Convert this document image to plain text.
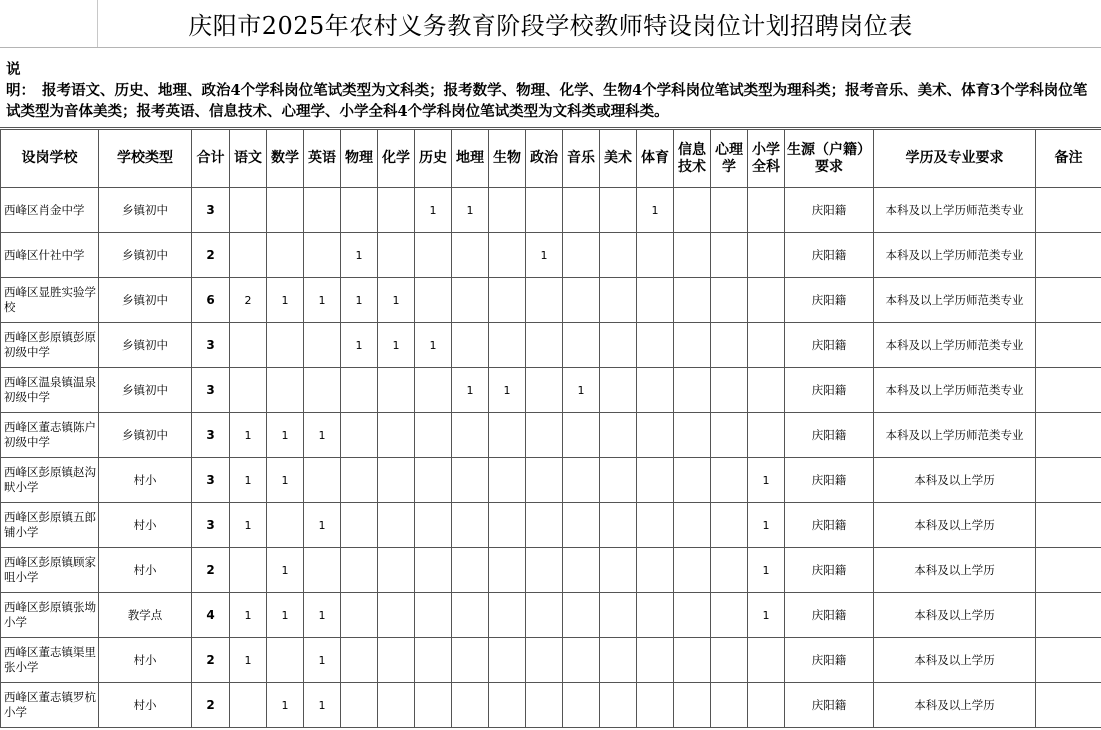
庆阳市2025年农村义务教育阶段学校教师特设岗位计划招聘岗位表
说明： 报考语文、历史、地理、政治4个学科岗位笔试类型为文科类；报考数学、物理、化学、生物4个学科岗位笔试类型为理科类；报考音乐、美术、体育3个学科岗位笔试类型为音体美类；报考英语、信息技术、心理学、小学全科4个学科岗位笔试类型为文科类或理科类。
设岗学校	学校类型	合计	语文	数学	英语	物理	化学	历史	地理	生物	政治	音乐	美术	体育	信息技术	心理学	小学全科	生源（户籍）要求	学历及专业要求	备注
西峰区肖金中学	乡镇初中	3						1	1					1				庆阳籍	本科及以上学历师范类专业	
西峰区什社中学	乡镇初中	2				1					1							庆阳籍	本科及以上学历师范类专业	
西峰区显胜实验学校	乡镇初中	6	2	1	1	1	1											庆阳籍	本科及以上学历师范类专业	
西峰区彭原镇彭原初级中学	乡镇初中	3				1	1	1										庆阳籍	本科及以上学历师范类专业	
西峰区温泉镇温泉初级中学	乡镇初中	3							1	1		1						庆阳籍	本科及以上学历师范类专业	
西峰区董志镇陈户初级中学	乡镇初中	3	1	1	1													庆阳籍	本科及以上学历师范类专业	
西峰区彭原镇赵沟畎小学	村小	3	1	1													1	庆阳籍	本科及以上学历	
西峰区彭原镇五郎铺小学	村小	3	1		1												1	庆阳籍	本科及以上学历	
西峰区彭原镇顾家咀小学	村小	2		1													1	庆阳籍	本科及以上学历	
西峰区彭原镇张坳小学	教学点	4	1	1	1												1	庆阳籍	本科及以上学历	
西峰区董志镇渠里张小学	村小	2	1		1													庆阳籍	本科及以上学历	
西峰区董志镇罗杭小学	村小	2		1	1													庆阳籍	本科及以上学历	
